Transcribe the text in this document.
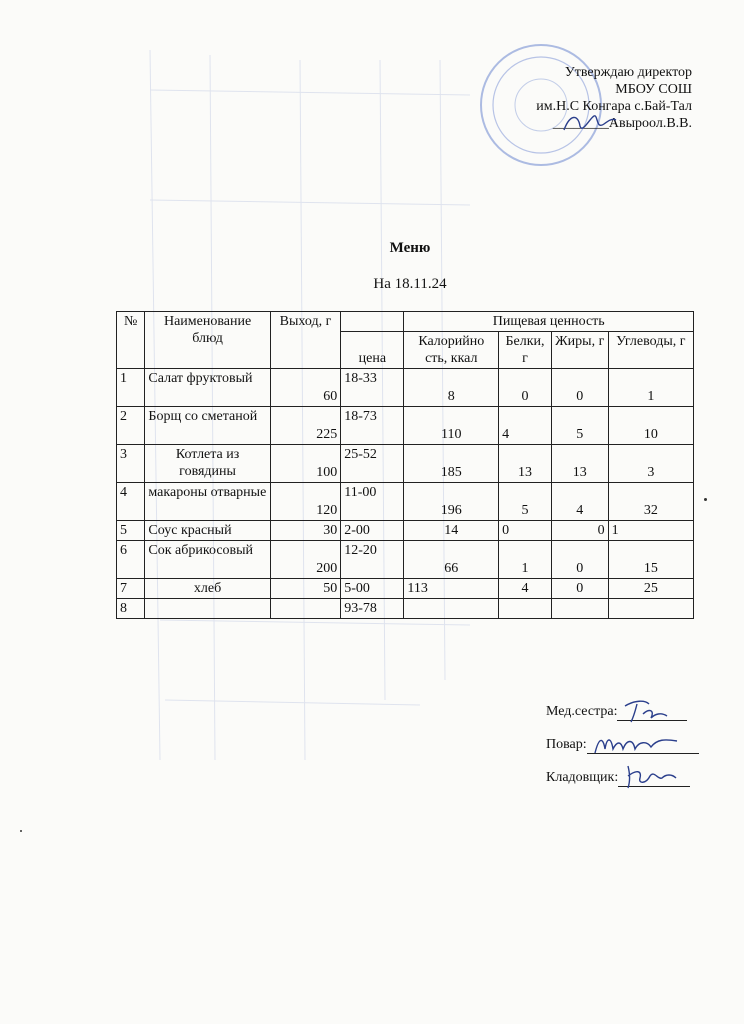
Утверждаю директор
МБОУ СОШ
им.Н.С Конгара с.Бай-Тал
________Авыроол.В.В.
Меню
На 18.11.24
№	Наименование блюд	Выход, г		Пищевая ценность			
			цена	Калорийно сть, ккал	Белки, г	Жиры, г	Углеводы, г
1	Салат фруктовый	60	18-33	8	0	0	1
2	Борщ со сметаной	225	18-73	110	4	5	10
3	Котлета из говядины	100	25-52	185	13	13	3
4	макароны отварные	120	11-00	196	5	4	32
5	Соус красный	30	2-00	14	0	0	1
6	Сок абрикосовый	200	12-20	66	1	0	15
7	хлеб	50	5-00	113	4	0	25
8			93-78				
Мед.сестра:
Повар:
Кладовщик:
